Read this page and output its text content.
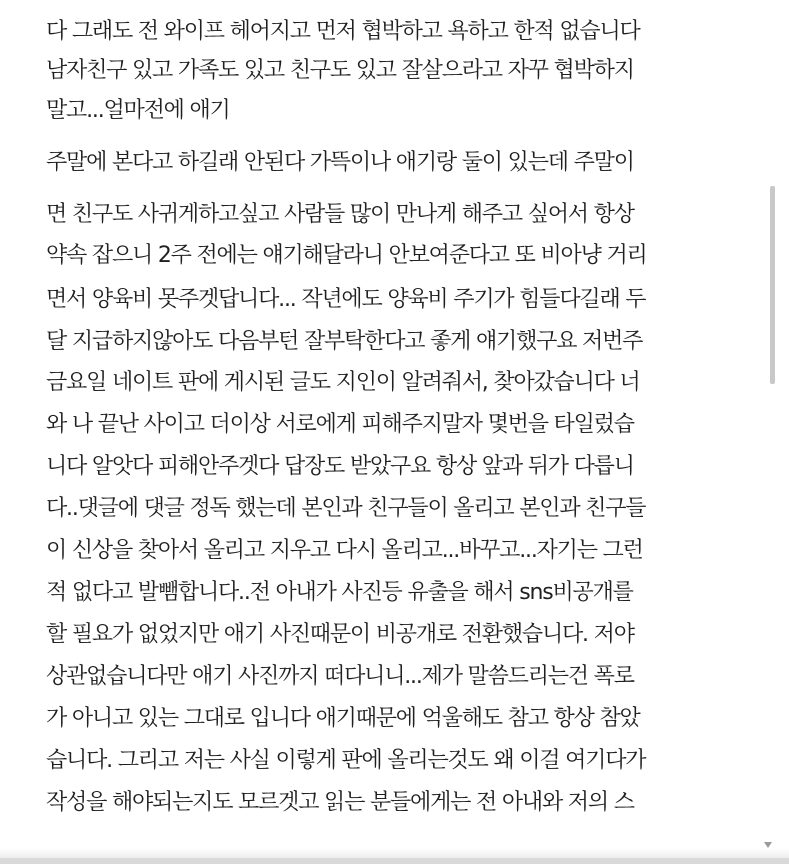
다 그래도 전 와이프 헤어지고 먼저 협박하고 욕하고 한적 없습니다
남자친구 있고 가족도 있고 친구도 있고 잘살으라고 자꾸 협박하지
말고...얼마전에 애기
주말에 본다고 하길래 안된다 가뜩이나 애기랑 둘이 있는데 주말이
면 친구도 사귀게하고싶고 사람들 많이 만나게 해주고 싶어서 항상
약속 잡으니 2주 전에는 얘기해달라니 안보여준다고 또 비아냥 거리
면서 양육비 못주겟답니다... 작년에도 양육비 주기가 힘들다길래 두
달 지급하지않아도 다음부턴 잘부탁한다고 좋게 얘기했구요 저번주
금요일 네이트 판에 게시된 글도 지인이 알려줘서, 찾아갔습니다 너
와 나 끝난 사이고 더이상 서로에게 피해주지말자 몇번을 타일렀습
니다 알앗다 피해안주겟다 답장도 받았구요 항상 앞과 뒤가 다릅니
다..댓글에 댓글 정독 했는데 본인과 친구들이 올리고 본인과 친구들
이 신상을 찾아서 올리고 지우고 다시 올리고...바꾸고...자기는 그런
적 없다고 발뺌합니다..전 아내가 사진등 유출을 해서 sns비공개를
할 필요가 없었지만 애기 사진때문이 비공개로 전환했습니다. 저야
상관없습니다만 애기 사진까지 떠다니니...제가 말씀드리는건 폭로
가 아니고 있는 그대로 입니다 애기때문에 억울해도 참고 항상 참았
습니다. 그리고 저는 사실 이렇게 판에 올리는것도 왜 이걸 여기다가
작성을 해야되는지도 모르겟고 읽는 분들에게는 전 아내와 저의 스
